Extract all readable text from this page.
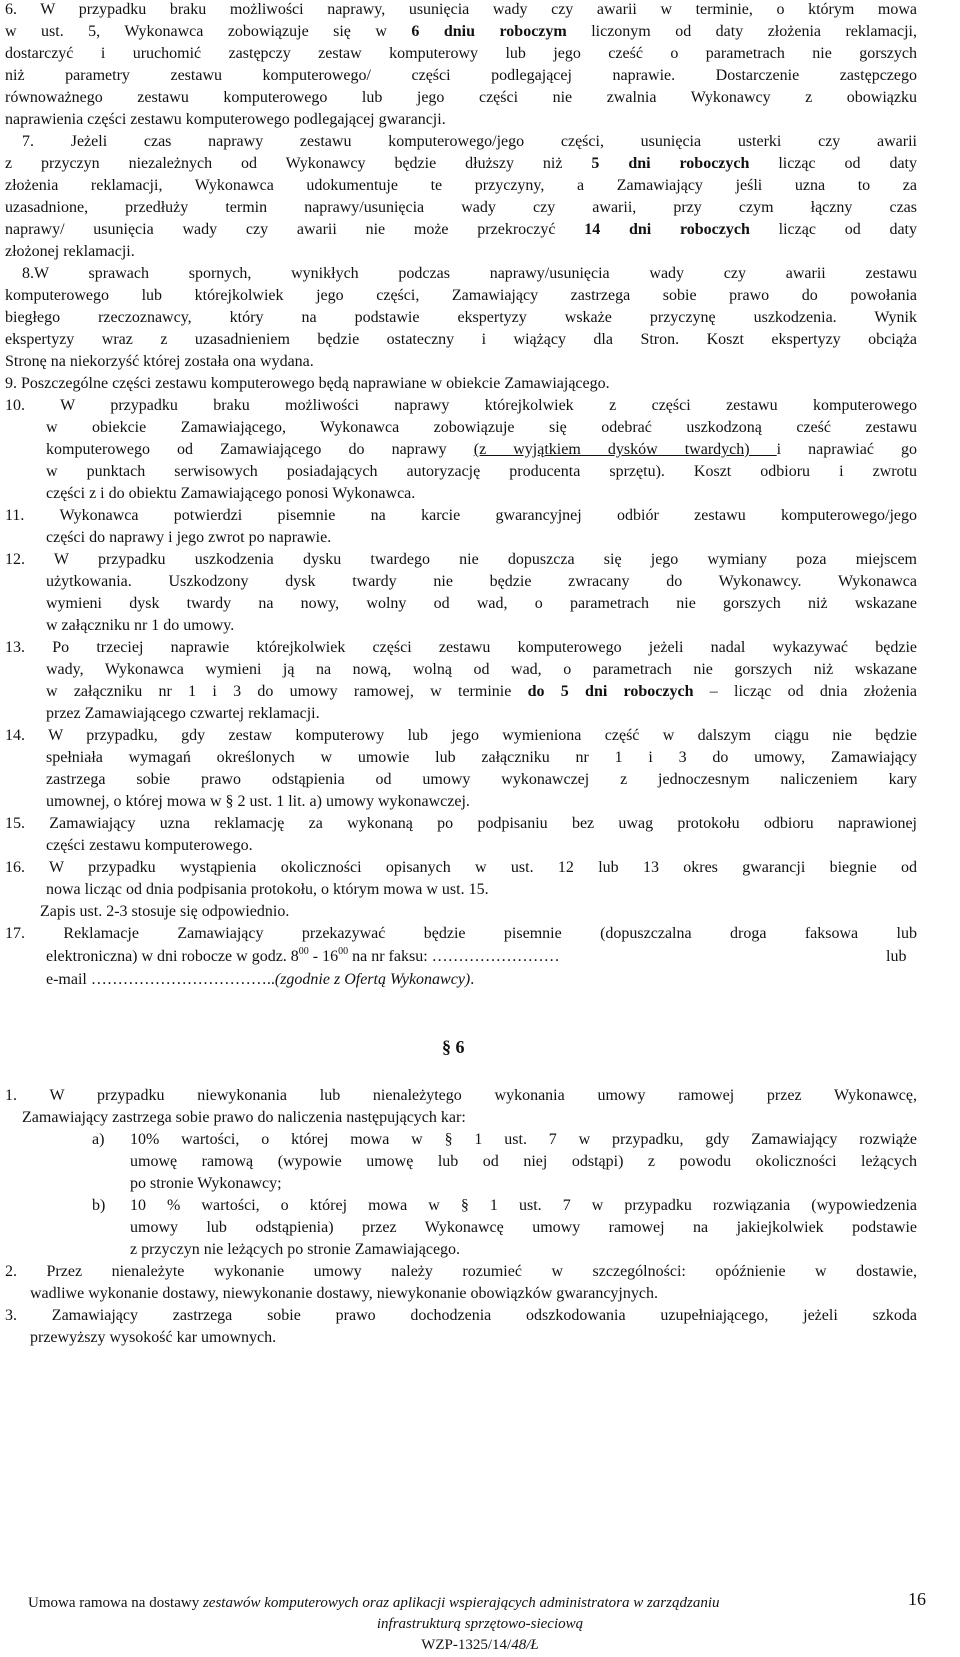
6. W przypadku braku możliwości naprawy, usunięcia wady czy awarii w terminie, o którym mowa
w ust. 5, Wykonawca zobowiązuje się w 6 dniu roboczym liczonym od daty złożenia reklamacji,
dostarczyć i uruchomić zastępczy zestaw komputerowy lub jego cześć o parametrach nie gorszych
niż parametry zestawu komputerowego/ części podlegającej naprawie. Dostarczenie zastępczego
równoważnego zestawu komputerowego lub jego części nie zwalnia Wykonawcy z obowiązku
naprawienia części zestawu komputerowego podlegającej gwarancji.
7. Jeżeli czas naprawy zestawu komputerowego/jego części, usunięcia usterki czy awarii
z przyczyn niezależnych od Wykonawcy będzie dłuższy niż 5 dni roboczych licząc od daty
złożenia reklamacji, Wykonawca udokumentuje te przyczyny, a Zamawiający jeśli uzna to za
uzasadnione, przedłuży termin naprawy/usunięcia wady czy awarii, przy czym łączny czas
naprawy/ usunięcia wady czy awarii nie może przekroczyć 14 dni roboczych licząc od daty
złożonej reklamacji.
8.W sprawach spornych, wynikłych podczas naprawy/usunięcia wady czy awarii zestawu
komputerowego lub którejkolwiek jego części, Zamawiający zastrzega sobie prawo do powołania
biegłego rzeczoznawcy, który na podstawie ekspertyzy wskaże przyczynę uszkodzenia. Wynik
ekspertyzy wraz z uzasadnieniem będzie ostateczny i wiążący dla Stron. Koszt ekspertyzy obciąża
Stronę na niekorzyść której została ona wydana.
9. Poszczególne części zestawu komputerowego będą naprawiane w obiekcie Zamawiającego.
10. W przypadku braku możliwości naprawy którejkolwiek z części zestawu komputerowego
w obiekcie Zamawiającego, Wykonawca zobowiązuje się odebrać uszkodzoną cześć zestawu
komputerowego od Zamawiającego do naprawy (z wyjątkiem dysków twardych) i naprawiać go
w punktach serwisowych posiadających autoryzację producenta sprzętu). Koszt odbioru i zwrotu
części z i do obiektu Zamawiającego ponosi Wykonawca.
11. Wykonawca potwierdzi pisemnie na karcie gwarancyjnej odbiór zestawu komputerowego/jego
części do naprawy i jego zwrot po naprawie.
12. W przypadku uszkodzenia dysku twardego nie dopuszcza się jego wymiany poza miejscem
użytkowania. Uszkodzony dysk twardy nie będzie zwracany do Wykonawcy. Wykonawca
wymieni dysk twardy na nowy, wolny od wad, o parametrach nie gorszych niż wskazane
w załączniku nr 1 do umowy.
13. Po trzeciej naprawie którejkolwiek części zestawu komputerowego jeżeli nadal wykazywać będzie
wady, Wykonawca wymieni ją na nową, wolną od wad, o parametrach nie gorszych niż wskazane
w załączniku nr 1 i 3 do umowy ramowej, w terminie do 5 dni roboczych – licząc od dnia złożenia
przez Zamawiającego czwartej reklamacji.
14. W przypadku, gdy zestaw komputerowy lub jego wymieniona część w dalszym ciągu nie będzie
spełniała wymagań określonych w umowie lub załączniku nr 1 i 3 do umowy, Zamawiający
zastrzega sobie prawo odstąpienia od umowy wykonawczej z jednoczesnym naliczeniem kary
umownej, o której mowa w § 2 ust. 1 lit. a) umowy wykonawczej.
15. Zamawiający uzna reklamację za wykonaną po podpisaniu bez uwag protokołu odbioru naprawionej
części zestawu komputerowego.
16. W przypadku wystąpienia okoliczności opisanych w ust. 12 lub 13 okres gwarancji biegnie od
nowa licząc od dnia podpisania protokołu, o którym mowa w ust. 15.
Zapis ust. 2-3 stosuje się odpowiednio.
17. Reklamacje Zamawiający przekazywać będzie pisemnie (dopuszczalna droga faksowa lub
elektroniczna) w dni robocze w godz. $8^{00} - 16^{00}$ na nr faksu: ……………………	lub
e-mail ……………………………..(zgodnie z Ofertą Wykonawcy).
§ 6
1. W przypadku niewykonania lub nienależytego wykonania umowy ramowej przez Wykonawcę,
Zamawiający zastrzega sobie prawo do naliczenia następujących kar:
a) 10% wartości, o której mowa w § 1 ust. 7 w przypadku, gdy Zamawiający rozwiąże
umowę ramową (wypowie umowę lub od niej odstąpi) z powodu okoliczności leżących
po stronie Wykonawcy;
b) 10 % wartości, o której mowa w § 1 ust. 7 w przypadku rozwiązania (wypowiedzenia
umowy lub odstąpienia) przez Wykonawcę umowy ramowej na jakiejkolwiek podstawie
z przyczyn nie leżących po stronie Zamawiającego.
2. Przez nienależyte wykonanie umowy należy rozumieć w szczególności: opóźnienie w dostawie,
wadliwe wykonanie dostawy, niewykonanie dostawy, niewykonanie obowiązków gwarancyjnych.
3. Zamawiający zastrzega sobie prawo dochodzenia odszkodowania uzupełniającego, jeżeli szkoda
przewyższy wysokość kar umownych.
Umowa ramowa na dostawy zestawów komputerowych oraz aplikacji wspierających administratora w zarządzaniu
infrastrukturą sprzętowo-sieciową
WZP-1325/14/48/Ł
16
